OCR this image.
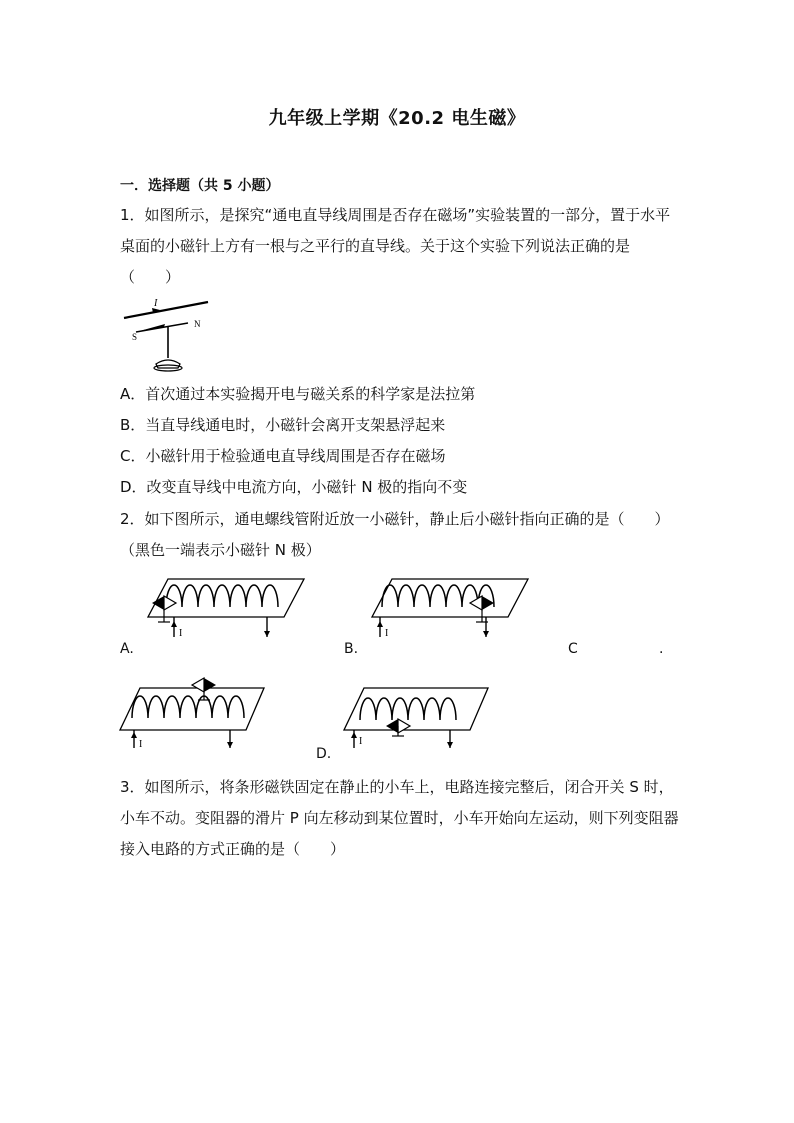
九年级上学期《20.2 电生磁》
一．选择题（共 5 小题）
1．如图所示，是探究“通电直导线周围是否存在磁场”实验装置的一部分，置于水平桌面的小磁针上方有一根与之平行的直导线。关于这个实验下列说法正确的是（　　）
I
S
N
A．首次通过本实验揭开电与磁关系的科学家是法拉第
B．当直导线通电时，小磁针会离开支架悬浮起来
C．小磁针用于检验通电直导线周围是否存在磁场
D．改变直导线中电流方向，小磁针 N 极的指向不变
2．如下图所示，通电螺线管附近放一小磁针，静止后小磁针指向正确的是（　　）
（黑色一端表示小磁针 N 极）
I	I
A.	B.	C	.
I	I
D.
3．如图所示，将条形磁铁固定在静止的小车上，电路连接完整后，闭合开关 S 时，小车不动。变阻器的滑片 P 向左移动到某位置时，小车开始向左运动，则下列变阻器接入电路的方式正确的是（　　）
